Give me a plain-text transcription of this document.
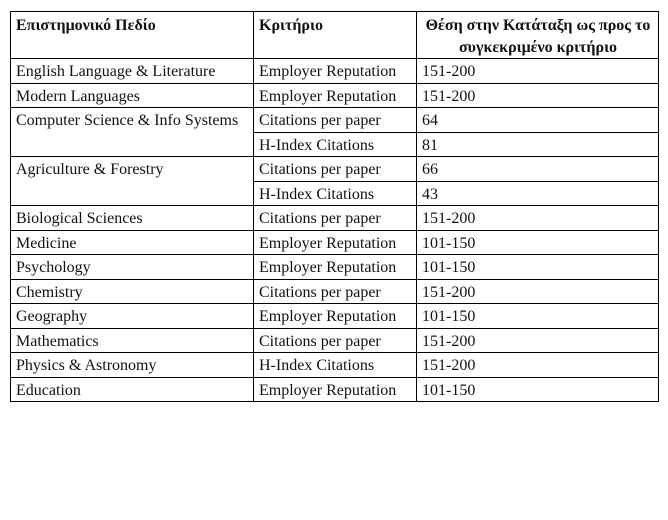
Επιστημονικό Πεδίο	Κριτήριο	Θέση στην Κατάταξη ως προς το συγκεκριμένο κριτήριο
English Language & Literature	Employer Reputation	151-200
Modern Languages	Employer Reputation	151-200
Computer Science & Info Systems	Citations per paper	64
	H-Index Citations	81
Agriculture & Forestry	Citations per paper	66
	H-Index Citations	43
Biological Sciences	Citations per paper	151-200
Medicine	Employer Reputation	101-150
Psychology	Employer Reputation	101-150
Chemistry	Citations per paper	151-200
Geography	Employer Reputation	101-150
Mathematics	Citations per paper	151-200
Physics & Astronomy	H-Index Citations	151-200
Education	Employer Reputation	101-150
